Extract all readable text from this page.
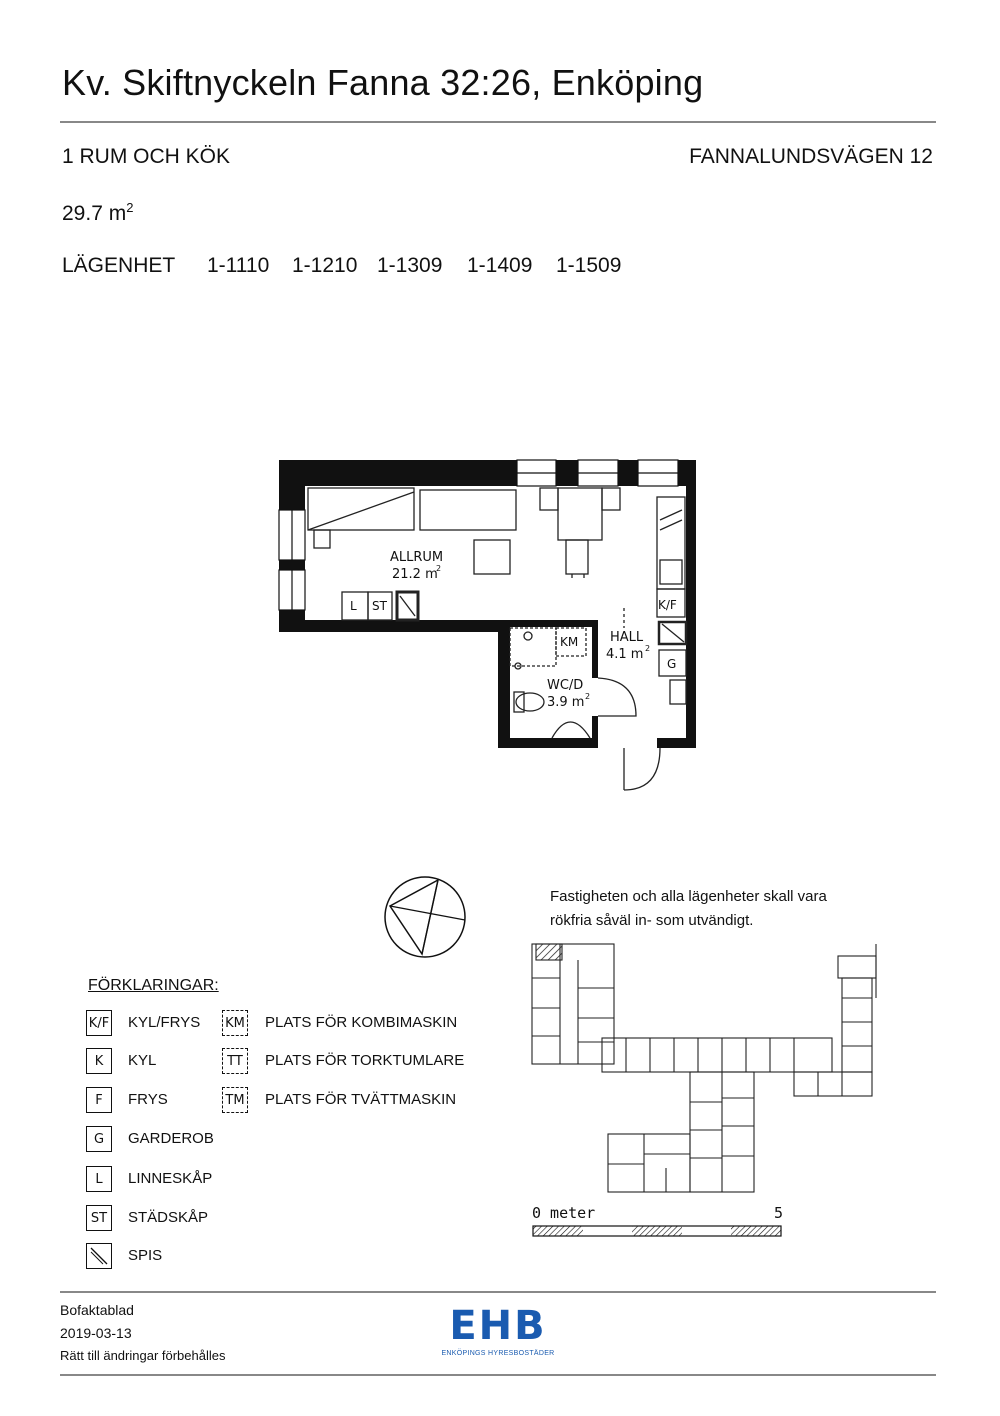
Kv. Skiftnyckeln Fanna 32:26, Enköping
1 RUM OCH KÖK	FANNALUNDSVÄGEN 12
29.7 $m^2$
LÄGENHET 1-1110 1-1210 1-1309 1-1409 1-1509
ALLRUM
21.2 m
2
HALL
4.1 m 2
WC/D
3.9 m 2
L ST	K/F
KM
G
Fastigheten och alla lägenheter skall vara
rökfria såväl in- som utvändigt.
0 meter	5
FÖRKLARINGAR:
K/F KYL/FRYS
K	KYL
F	FRYS
G	GARDEROB
L	LINNESKÅP
ST	STÄDSKÅP
SPIS
KM PLATS FÖR KOMBIMASKIN
TT	PLATS FÖR TORKTUMLARE
TM PLATS FÖR TVÄTTMASKIN
Bofaktablad
2019-03-13
Rätt till ändringar förbehålles
EHB
ENKÖPINGS HYRESBOSTÄDER
